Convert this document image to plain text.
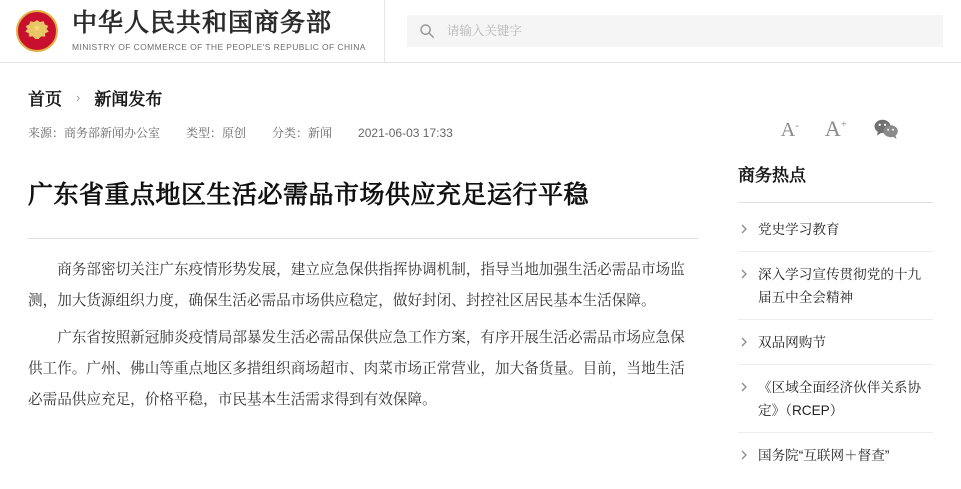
中华人民共和国商务部
MINISTRY OF COMMERCE OF THE PEOPLE'S REPUBLIC OF CHINA
请输入关键字
首页 › 新闻发布
来源：商务部新闻办公室 类型：原创 分类：新闻 2021-06-03 17:33	A- A+
广东省重点地区生活必需品市场供应充足运行平稳

商务部密切关注广东疫情形势发展，建立应急保供指挥协调机制，指导当地加强生活必需品市场监测，加大货源组织力度，确保生活必需品市场供应稳定，做好封闭、封控社区居民基本生活保障。

广东省按照新冠肺炎疫情局部暴发生活必需品保供应急工作方案，有序开展生活必需品市场应急保供工作。广州、佛山等重点地区多措组织商场超市、肉菜市场正常营业，加大备货量。目前，当地生活必需品供应充足，价格平稳，市民基本生活需求得到有效保障。

商务热点
党史学习教育
深入学习宣传贯彻党的十九届五中全会精神
双品网购节
《区域全面经济伙伴关系协定》（RCEP）
国务院“互联网＋督查”
